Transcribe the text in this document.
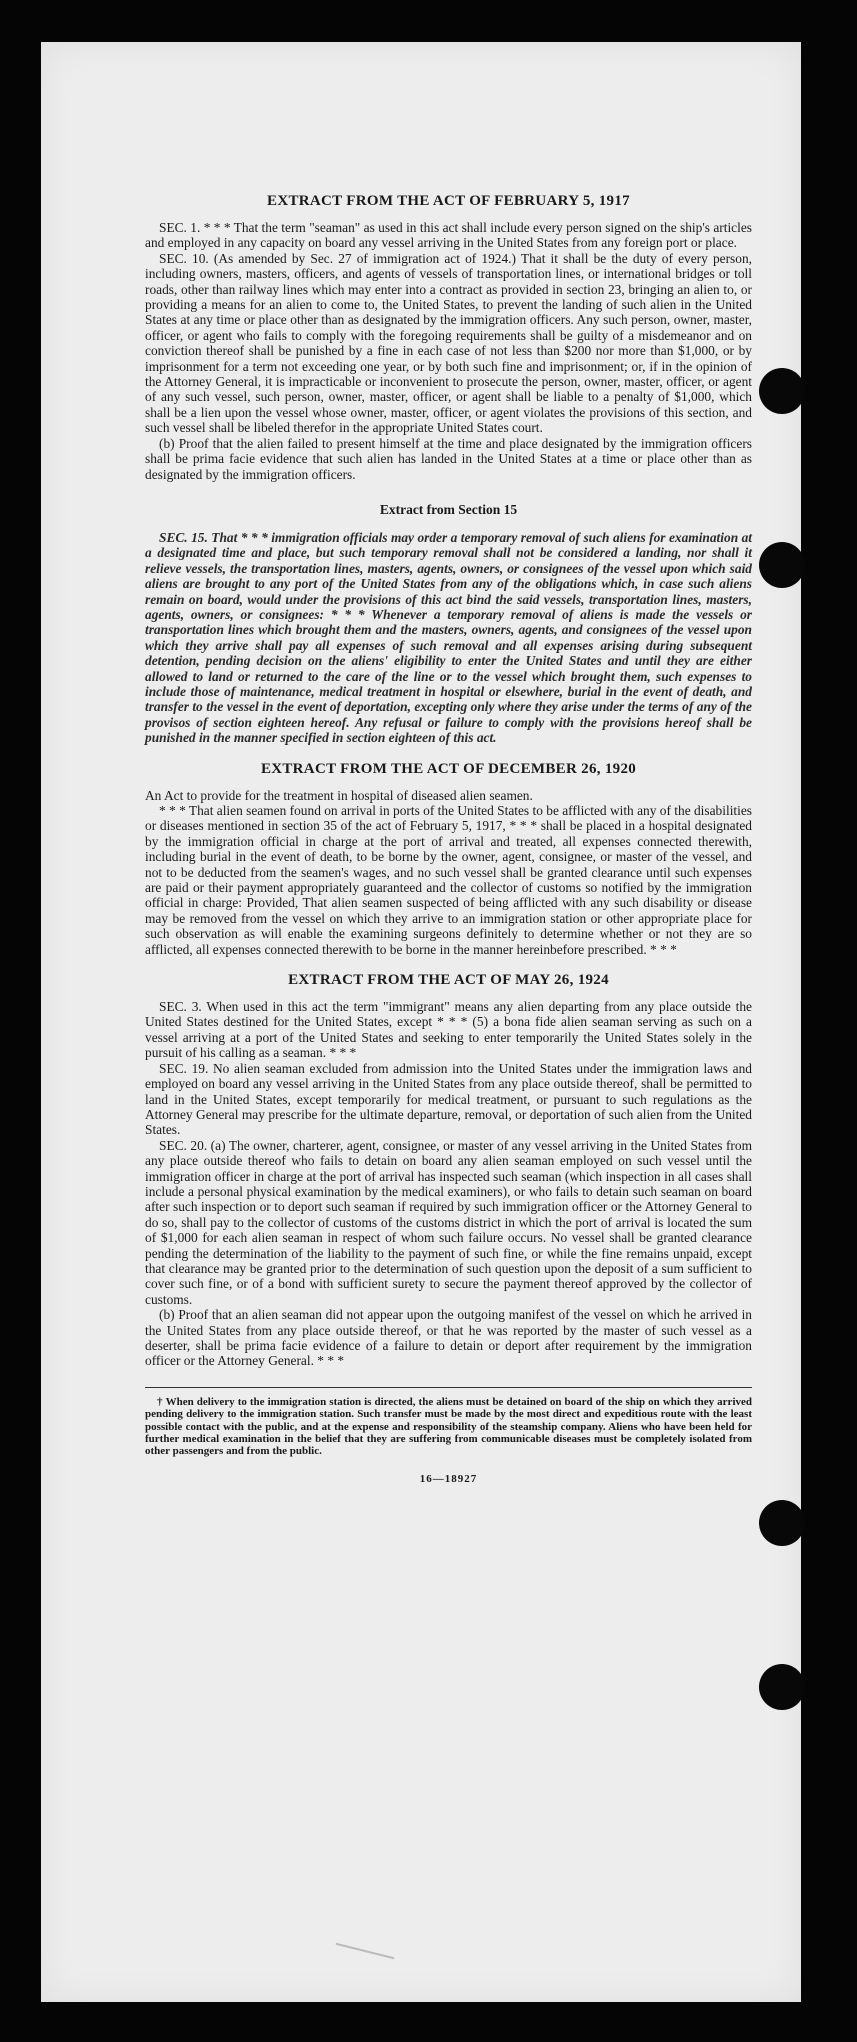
EXTRACT FROM THE ACT OF FEBRUARY 5, 1917

SEC. 1. * * * That the term "seaman" as used in this act shall include every person signed on the ship's articles and employed in any capacity on board any vessel arriving in the United States from any foreign port or place.

SEC. 10. (As amended by Sec. 27 of immigration act of 1924.) That it shall be the duty of every person, including owners, masters, officers, and agents of vessels of transportation lines, or international bridges or toll roads, other than railway lines which may enter into a contract as provided in section 23, bringing an alien to, or providing a means for an alien to come to, the United States, to prevent the landing of such alien in the United States at any time or place other than as designated by the immigration officers. Any such person, owner, master, officer, or agent who fails to comply with the foregoing requirements shall be guilty of a misdemeanor and on conviction thereof shall be punished by a fine in each case of not less than $200 nor more than $1,000, or by imprisonment for a term not exceeding one year, or by both such fine and imprisonment; or, if in the opinion of the Attorney General, it is impracticable or inconvenient to prosecute the person, owner, master, officer, or agent of any such vessel, such person, owner, master, officer, or agent shall be liable to a penalty of $1,000, which shall be a lien upon the vessel whose owner, master, officer, or agent violates the provisions of this section, and such vessel shall be libeled therefor in the appropriate United States court.

(b) Proof that the alien failed to present himself at the time and place designated by the immigration officers shall be prima facie evidence that such alien has landed in the United States at a time or place other than as designated by the immigration officers.

Extract from Section 15

SEC. 15. That * * * immigration officials may order a temporary removal of such aliens for examination at a designated time and place, but such temporary removal shall not be considered a landing, nor shall it relieve vessels, the transportation lines, masters, agents, owners, or consignees of the vessel upon which said aliens are brought to any port of the United States from any of the obligations which, in case such aliens remain on board, would under the provisions of this act bind the said vessels, transportation lines, masters, agents, owners, or consignees: * * * Whenever a temporary removal of aliens is made the vessels or transportation lines which brought them and the masters, owners, agents, and consignees of the vessel upon which they arrive shall pay all expenses of such removal and all expenses arising during subsequent detention, pending decision on the aliens' eligibility to enter the United States and until they are either allowed to land or returned to the care of the line or to the vessel which brought them, such expenses to include those of maintenance, medical treatment in hospital or elsewhere, burial in the event of death, and transfer to the vessel in the event of deportation, excepting only where they arise under the terms of any of the provisos of section eighteen hereof. Any refusal or failure to comply with the provisions hereof shall be punished in the manner specified in section eighteen of this act.

EXTRACT FROM THE ACT OF DECEMBER 26, 1920

An Act to provide for the treatment in hospital of diseased alien seamen.

* * * That alien seamen found on arrival in ports of the United States to be afflicted with any of the disabilities or diseases mentioned in section 35 of the act of February 5, 1917, * * * shall be placed in a hospital designated by the immigration official in charge at the port of arrival and treated, all expenses connected therewith, including burial in the event of death, to be borne by the owner, agent, consignee, or master of the vessel, and not to be deducted from the seamen's wages, and no such vessel shall be granted clearance until such expenses are paid or their payment appropriately guaranteed and the collector of customs so notified by the immigration official in charge: Provided, That alien seamen suspected of being afflicted with any such disability or disease may be removed from the vessel on which they arrive to an immigration station or other appropriate place for such observation as will enable the examining surgeons definitely to determine whether or not they are so afflicted, all expenses connected therewith to be borne in the manner hereinbefore prescribed. * * *

EXTRACT FROM THE ACT OF MAY 26, 1924

SEC. 3. When used in this act the term "immigrant" means any alien departing from any place outside the United States destined for the United States, except * * * (5) a bona fide alien seaman serving as such on a vessel arriving at a port of the United States and seeking to enter temporarily the United States solely in the pursuit of his calling as a seaman. * * *

SEC. 19. No alien seaman excluded from admission into the United States under the immigration laws and employed on board any vessel arriving in the United States from any place outside thereof, shall be permitted to land in the United States, except temporarily for medical treatment, or pursuant to such regulations as the Attorney General may prescribe for the ultimate departure, removal, or deportation of such alien from the United States.

SEC. 20. (a) The owner, charterer, agent, consignee, or master of any vessel arriving in the United States from any place outside thereof who fails to detain on board any alien seaman employed on such vessel until the immigration officer in charge at the port of arrival has inspected such seaman (which inspection in all cases shall include a personal physical examination by the medical examiners), or who fails to detain such seaman on board after such inspection or to deport such seaman if required by such immigration officer or the Attorney General to do so, shall pay to the collector of customs of the customs district in which the port of arrival is located the sum of $1,000 for each alien seaman in respect of whom such failure occurs. No vessel shall be granted clearance pending the determination of the liability to the payment of such fine, or while the fine remains unpaid, except that clearance may be granted prior to the determination of such question upon the deposit of a sum sufficient to cover such fine, or of a bond with sufficient surety to secure the payment thereof approved by the collector of customs.

(b) Proof that an alien seaman did not appear upon the outgoing manifest of the vessel on which he arrived in the United States from any place outside thereof, or that he was reported by the master of such vessel as a deserter, shall be prima facie evidence of a failure to detain or deport after requirement by the immigration officer or the Attorney General. * * *

† When delivery to the immigration station is directed, the aliens must be detained on board of the ship on which they arrived pending delivery to the immigration station. Such transfer must be made by the most direct and expeditious route with the least possible contact with the public, and at the expense and responsibility of the steamship company. Aliens who have been held for further medical examination in the belief that they are suffering from communicable diseases must be completely isolated from other passengers and from the public.

16—18927
